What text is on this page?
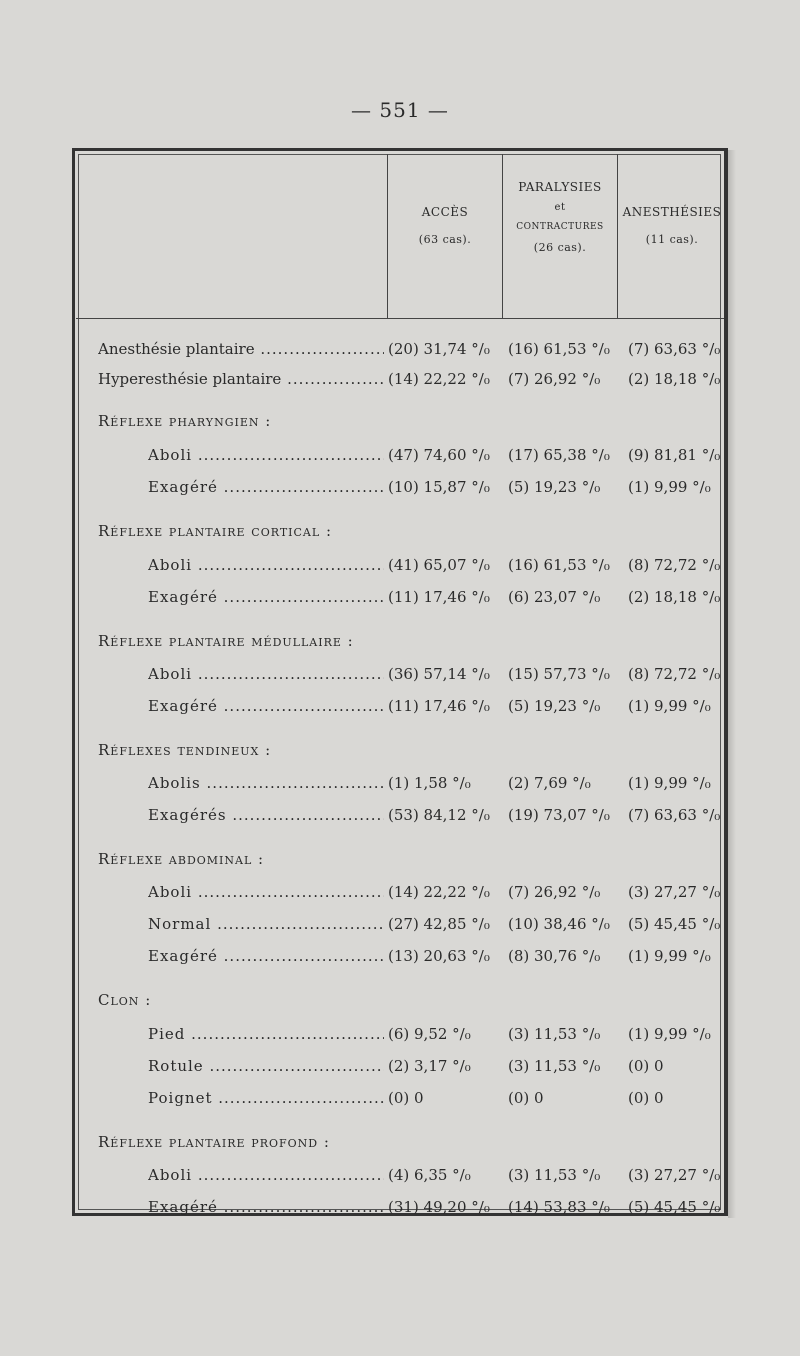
— 551 —
ACCÈS
(63 cas).
PARALYSIES
et
CONTRACTURES
(26 cas).
ANESTHÉSIES
(11 cas).
Anesthésie plantaire .....	(20) 31,74 °/₀ (16) 61,53 °/₀ (7) 63,63 °/₀
Hyperesthésie plantaire .....	(14) 22,22 °/₀ (7) 26,92 °/₀ (2) 18,18 °/₀
Réflexe pharyngien :
Aboli .....	(47) 74,60 °/₀ (17) 65,38 °/₀ (9) 81,81 °/₀
Exagéré .....	(10) 15,87 °/₀ (5) 19,23 °/₀ (1) 9,99 °/₀
Réflexe plantaire cortical :
Aboli .....	(41) 65,07 °/₀ (16) 61,53 °/₀ (8) 72,72 °/₀
Exagéré .....	(11) 17,46 °/₀ (6) 23,07 °/₀ (2) 18,18 °/₀
Réflexe plantaire médullaire :
Aboli .....	(36) 57,14 °/₀ (15) 57,73 °/₀ (8) 72,72 °/₀
Exagéré .....	(11) 17,46 °/₀ (5) 19,23 °/₀ (1) 9,99 °/₀
Réflexes tendineux :
Abolis .....	(1) 1,58 °/₀ (2) 7,69 °/₀ (1) 9,99 °/₀
Exagérés .....	(53) 84,12 °/₀ (19) 73,07 °/₀ (7) 63,63 °/₀
Réflexe abdominal :
Aboli .....	(14) 22,22 °/₀ (7) 26,92 °/₀ (3) 27,27 °/₀
Normal .....	(27) 42,85 °/₀ (10) 38,46 °/₀ (5) 45,45 °/₀
Exagéré .....	(13) 20,63 °/₀ (8) 30,76 °/₀ (1) 9,99 °/₀
Clon :
Pied .....	(6) 9,52 °/₀ (3) 11,53 °/₀ (1) 9,99 °/₀
Rotule .....	(2) 3,17 °/₀ (3) 11,53 °/₀ (0) 0
Poignet .....	(0) 0	(0) 0	(0) 0
Réflexe plantaire profond :
Aboli .....	(4) 6,35 °/₀ (3) 11,53 °/₀ (3) 27,27 °/₀
Exagéré .....	(31) 49,20 °/₀ (14) 53,83 °/₀ (5) 45,45 °/₀
